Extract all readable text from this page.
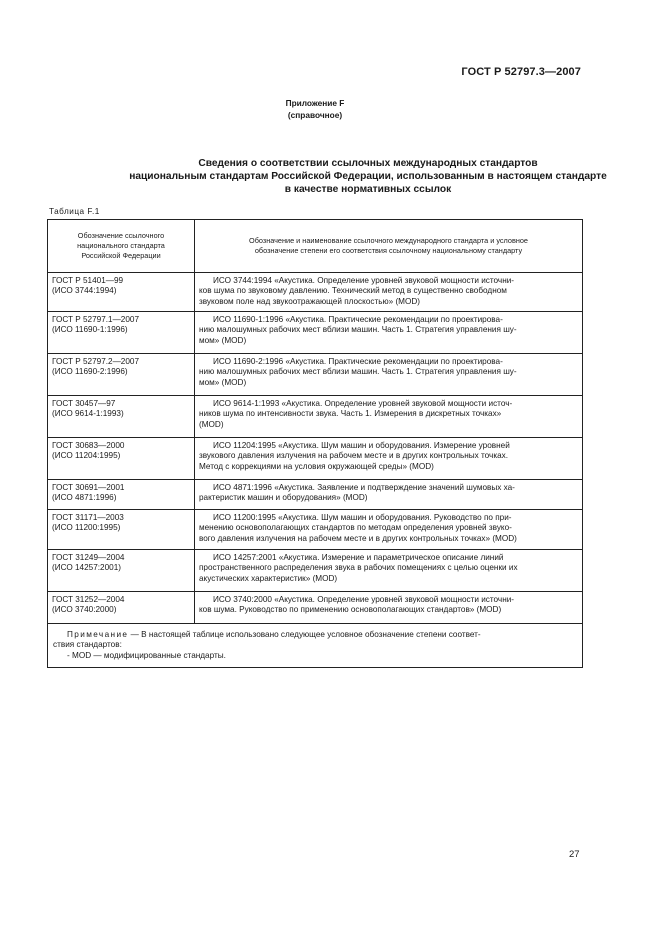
ГОСТ Р 52797.3—2007
Приложение F
(справочное)
Сведения о соответствии ссылочных международных стандартов
национальным стандартам Российской Федерации, использованным в настоящем стандарте
в качестве нормативных ссылок
Таблица F.1
Обозначение ссылочного
национального стандарта
Российской Федерации	Обозначение и наименование ссылочного международного стандарта и условное
обозначение степени его соответствия ссылочному национальному стандарту

ГОСТ Р 51401—99
(ИСО 3744:1994)	ИСО 3744:1994 «Акустика. Определение уровней звуковой мощности источни-
ков шума по звуковому давлению. Технический метод в существенно свободном
звуковом поле над звукоотражающей плоскостью» (MOD)

ГОСТ Р 52797.1—2007
(ИСО 11690-1:1996)	ИСО 11690-1:1996 «Акустика. Практические рекомендации по проектирова-
нию малошумных рабочих мест вблизи машин. Часть 1. Стратегия управления шу-
мом» (MOD)

ГОСТ Р 52797.2—2007
(ИСО 11690-2:1996)	ИСО 11690-2:1996 «Акустика. Практические рекомендации по проектирова-
нию малошумных рабочих мест вблизи машин. Часть 1. Стратегия управления шу-
мом» (MOD)

ГОСТ 30457—97
(ИСО 9614-1:1993)	ИСО 9614-1:1993 «Акустика. Определение уровней звуковой мощности источ-
ников шума по интенсивности звука. Часть 1. Измерения в дискретных точках»
(MOD)

ГОСТ 30683—2000
(ИСО 11204:1995)	ИСО 11204:1995 «Акустика. Шум машин и оборудования. Измерение уровней
звукового давления излучения на рабочем месте и в других контрольных точках.
Метод с коррекциями на условия окружающей среды» (MOD)

ГОСТ 30691—2001
(ИСО 4871:1996)	ИСО 4871:1996 «Акустика. Заявление и подтверждение значений шумовых ха-
рактеристик машин и оборудования» (MOD)

ГОСТ 31171—2003
(ИСО 11200:1995)	ИСО 11200:1995 «Акустика. Шум машин и оборудования. Руководство по при-
менению основополагающих стандартов по методам определения уровней звуко-
вого давления излучения на рабочем месте и в других контрольных точках» (MOD)

ГОСТ 31249—2004
(ИСО 14257:2001)	ИСО 14257:2001 «Акустика. Измерение и параметрическое описание линий
пространственного распределения звука в рабочих помещениях с целью оценки их
акустических характеристик» (MOD)

ГОСТ 31252—2004
(ИСО 3740:2000)	ИСО 3740:2000 «Акустика. Определение уровней звуковой мощности источни-
ков шума. Руководство по применению основополагающих стандартов» (MOD)

Примечание — В настоящей таблице использовано следующее условное обозначение степени соответ-
ствия стандартов:
- MOD — модифицированные стандарты.	
27
